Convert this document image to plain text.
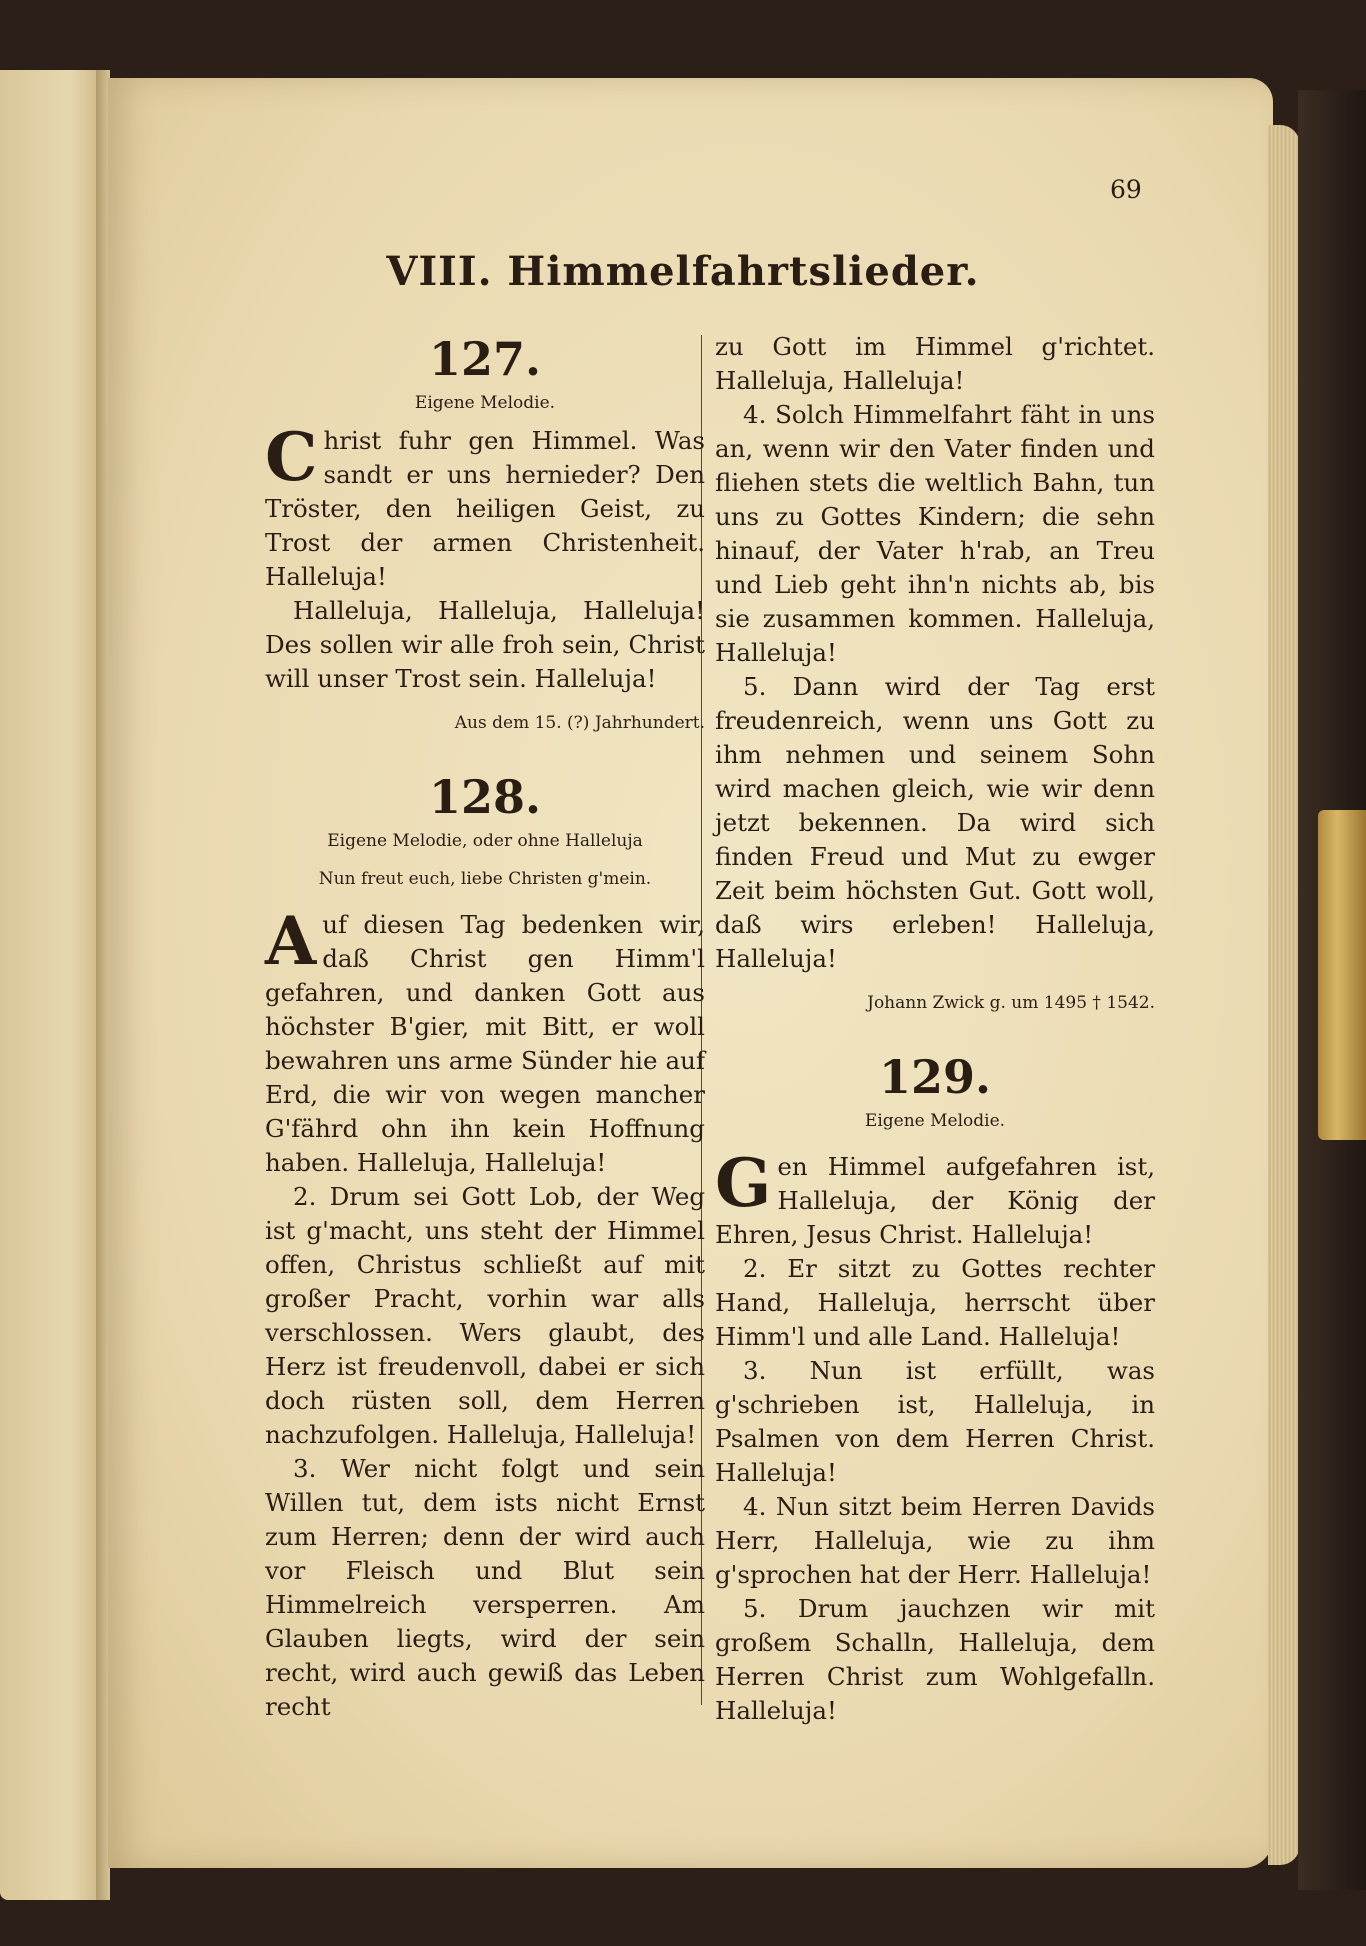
69

VIII. Himmelfahrtslieder.
127.
Eigene Melodie.

C hrist fuhr gen Himmel. Was sandt er uns hernieder? Den Tröster, den heiligen Geist, zu Trost der armen Christenheit. Halleluja!

Halleluja, Halleluja, Halleluja! Des sollen wir alle froh sein, Christ will unser Trost sein. Halleluja!

Aus dem 15. (?) Jahrhundert.
128.
Eigene Melodie, oder ohne Halleluja
Nun freut euch, liebe Christen g'mein.

A uf diesen Tag bedenken wir, daß Christ gen Himm'l gefahren, und danken Gott aus höchster B'gier, mit Bitt, er woll bewahren uns arme Sünder hie auf Erd, die wir von wegen mancher G'fährd ohn ihn kein Hoffnung haben. Halleluja, Halleluja!

2. Drum sei Gott Lob, der Weg ist g'macht, uns steht der Himmel offen, Christus schließt auf mit großer Pracht, vorhin war alls verschlossen. Wers glaubt, des Herz ist freudenvoll, dabei er sich doch rüsten soll, dem Herren nachzufolgen. Halleluja, Halleluja!

3. Wer nicht folgt und sein Willen tut, dem ists nicht Ernst zum Herren; denn der wird auch vor Fleisch und Blut sein Himmelreich versperren. Am Glauben liegts, wird der sein recht, wird auch gewiß das Leben recht

zu Gott im Himmel g'richtet. Halleluja, Halleluja!

4. Solch Himmelfahrt fäht in uns an, wenn wir den Vater finden und fliehen stets die weltlich Bahn, tun uns zu Gottes Kindern; die sehn hinauf, der Vater h'rab, an Treu und Lieb geht ihn'n nichts ab, bis sie zusammen kommen. Halleluja, Halleluja!

5. Dann wird der Tag erst freudenreich, wenn uns Gott zu ihm nehmen und seinem Sohn wird machen gleich, wie wir denn jetzt bekennen. Da wird sich finden Freud und Mut zu ewger Zeit beim höchsten Gut. Gott woll, daß wirs erleben! Halleluja, Halleluja!

Johann Zwick g. um 1495 † 1542.
129.
Eigene Melodie.

G en Himmel aufgefahren ist, Halleluja, der König der Ehren, Jesus Christ. Halleluja!

2. Er sitzt zu Gottes rechter Hand, Halleluja, herrscht über Himm'l und alle Land. Halleluja!

3. Nun ist erfüllt, was g'schrieben ist, Halleluja, in Psalmen von dem Herren Christ. Halleluja!

4. Nun sitzt beim Herren Davids Herr, Halleluja, wie zu ihm g'sprochen hat der Herr. Halleluja!

5. Drum jauchzen wir mit großem Schalln, Halleluja, dem Herren Christ zum Wohlgefalln. Halleluja!
